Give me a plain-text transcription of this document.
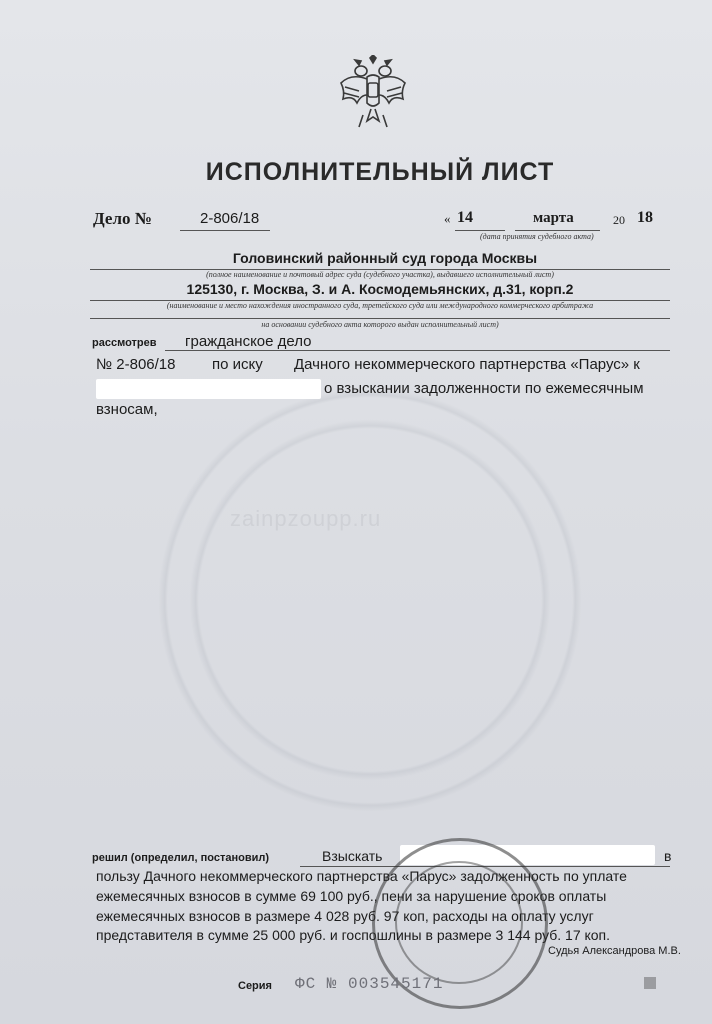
ИСПОЛНИТЕЛЬНЫЙ ЛИСТ
Дело №	2-806/18	« 14	марта	20 18
(дата принятия судебного акта)
Головинский районный суд города Москвы
(полное наименование и почтовый адрес суда (судебного участка), выдавшего исполнительный лист)
125130, г. Москва, З. и А. Космодемьянских, д.31, корп.2
(наименование и место нахождения иностранного суда, третейского суда или международного коммерческого арбитража
на основании судебного акта которого выдан исполнительный лист)
рассмотрев гражданское дело
№ 2-806/18 по иску Дачного некоммерческого партнерства «Парус» к
о взыскании задолженности по ежемесячным
взносам,
zainpzoupp.ru
решил (определил, постановил)	Взыскать	в
пользу Дачного некоммерческого партнерства «Парус» задолженность по уплате
ежемесячных взносов в сумме 69 100 руб., пени за нарушение сроков оплаты
ежемесячных взносов в размере 4 028 руб. 97 коп, расходы на оплату услуг
представителя в сумме 25 000 руб. и госпошлины в размере 3 144 руб. 17 коп.
Судья Александрова М.В.
Серия ФС № 003545171
